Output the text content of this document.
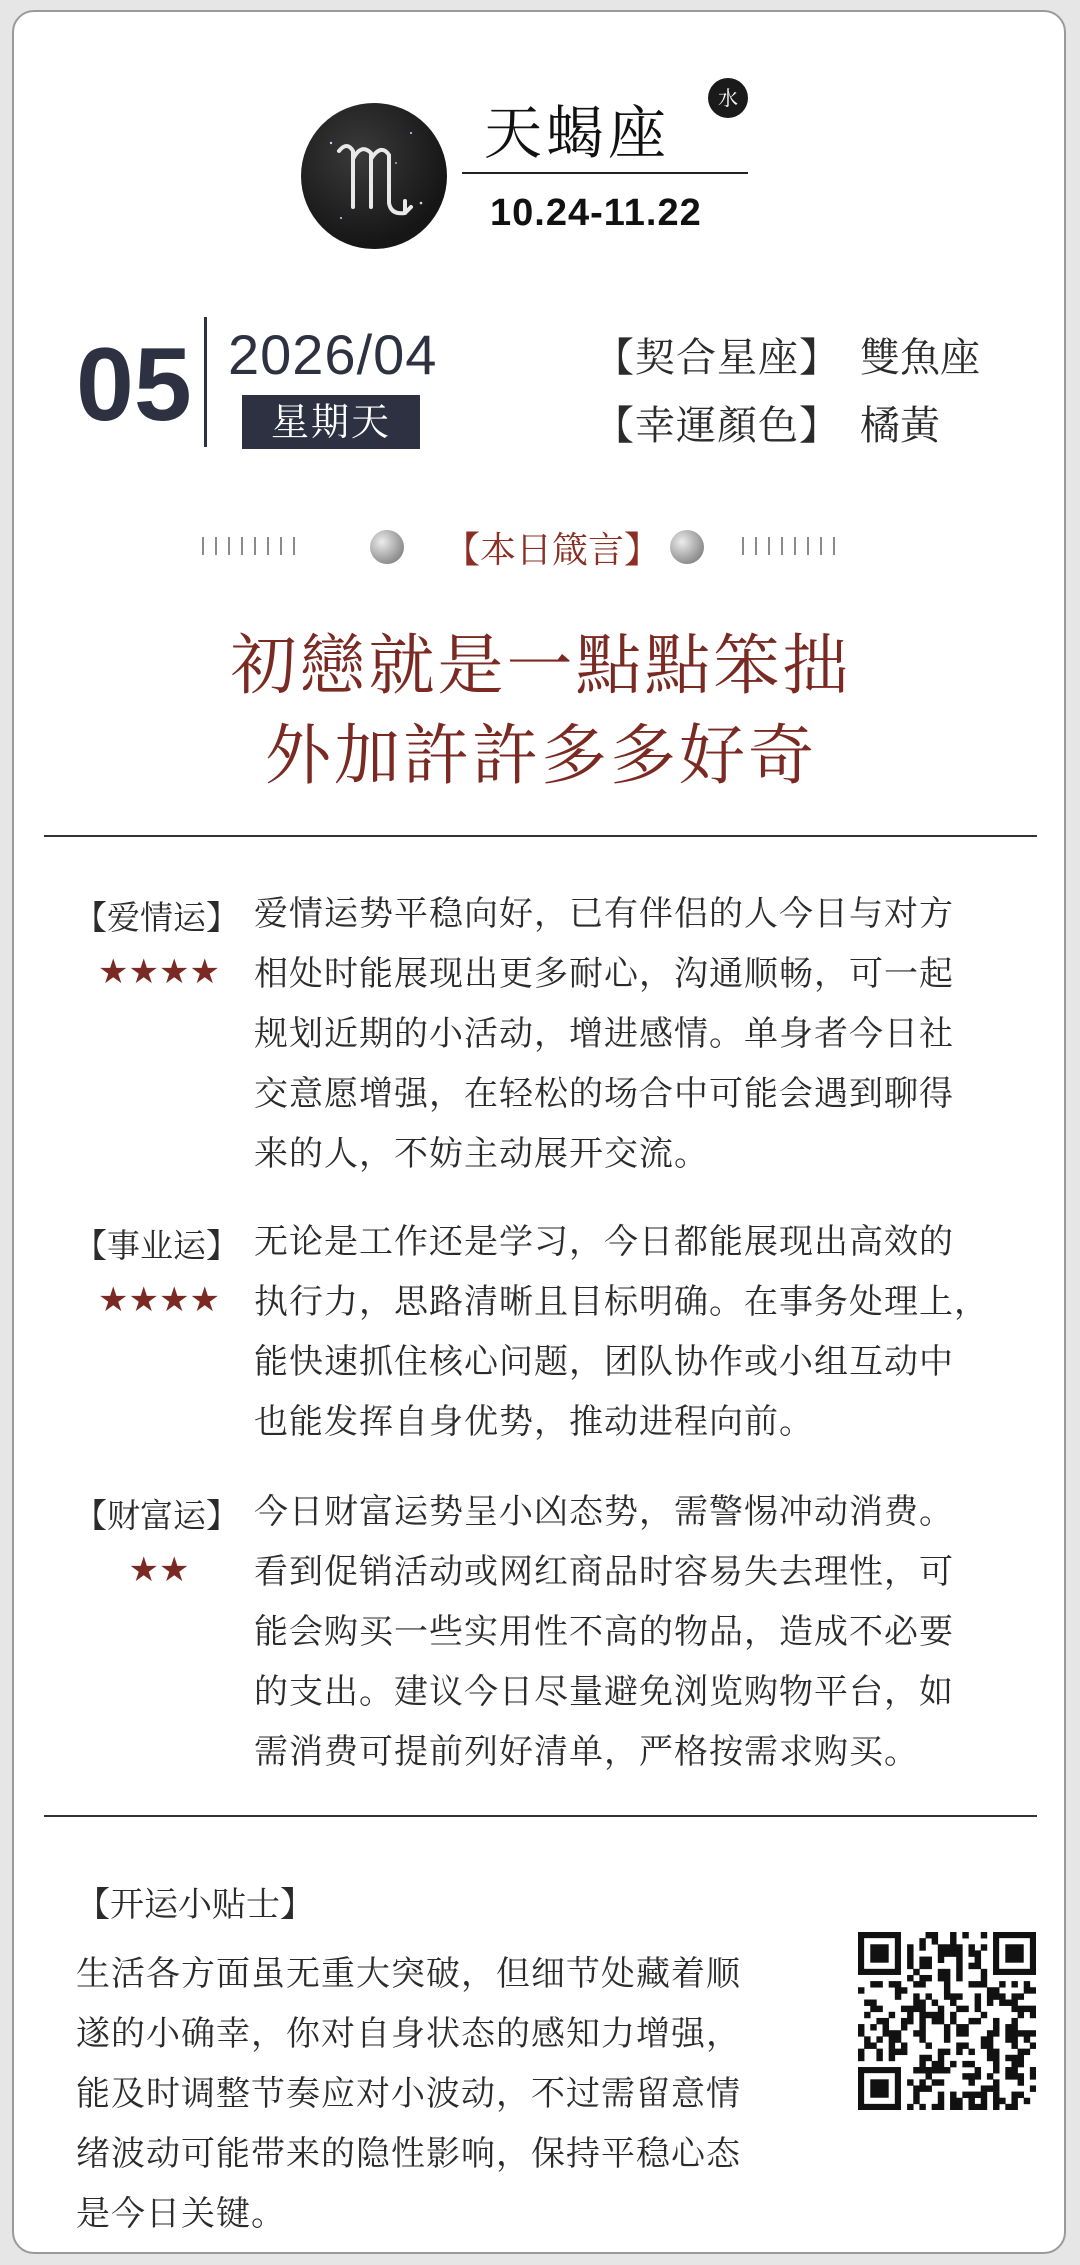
天蝎座
水
10.24-11.22
05 2026/04
星期天
【契合星座】 雙魚座
【幸運顏色】 橘黃
【本日箴言】
初戀就是一點點笨拙
外加許許多多好奇
【爱情运】
★★★★
爱情运势平稳向好，已有伴侣的人今日与对方
相处时能展现出更多耐心，沟通顺畅，可一起
规划近期的小活动，增进感情。单身者今日社
交意愿增强，在轻松的场合中可能会遇到聊得
来的人，不妨主动展开交流。
【事业运】
★★★★
无论是工作还是学习，今日都能展现出高效的
执行力，思路清晰且目标明确。在事务处理上，
能快速抓住核心问题，团队协作或小组互动中
也能发挥自身优势，推动进程向前。
【财富运】
★★
今日财富运势呈小凶态势，需警惕冲动消费。
看到促销活动或网红商品时容易失去理性，可
能会购买一些实用性不高的物品，造成不必要
的支出。建议今日尽量避免浏览购物平台，如
需消费可提前列好清单，严格按需求购买。
【开运小贴士】
生活各方面虽无重大突破，但细节处藏着顺
遂的小确幸，你对自身状态的感知力增强，
能及时调整节奏应对小波动，不过需留意情
绪波动可能带来的隐性影响，保持平稳心态
是今日关键。
